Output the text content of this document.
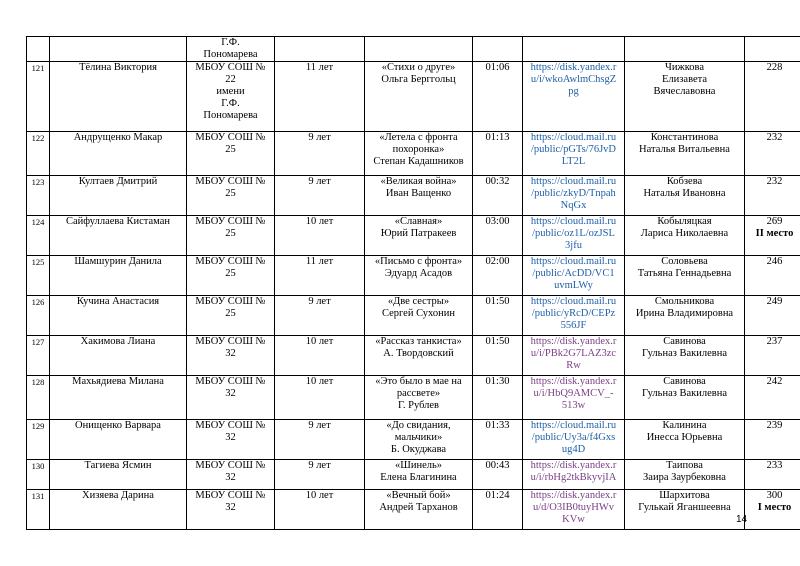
		Г.Ф.
Пономарева						

121	Тёлина Виктория	МБОУ СОШ №
22
имени
Г.Ф.
Пономарева	11 лет	«Стихи о друге»
Ольга Берггольц	01:06	https://disk.yandex.r
u/i/wkoAwlmChsgZ
pg	Чижкова
Елизавета
Вячеславовна	228

122	Андрущенко Макар	МБОУ СОШ №
25	9 лет	«Летела с фронта
похоронка»
Степан Кадашников	01:13	https://cloud.mail.ru
/public/pGTs/76JvD
LT2L	Константинова
Наталья Витальевна	232

123	Култаев Дмитрий	МБОУ СОШ №
25	9 лет	«Великая война»
Иван Ващенко	00:32	https://cloud.mail.ru
/public/zkyD/Tnpah
NqGx	Кобзева
Наталья Ивановна	232

124	Сайфуллаева Кистаман	МБОУ СОШ №
25	10 лет	«Славная»
Юрий Патракеев	03:00	https://cloud.mail.ru
/public/oz1L/ozJSL
3jfu	Кобыляцкая
Лариса Николаевна	269
II место

125	Шамшурин Данила	МБОУ СОШ №
25	11 лет	«Письмо с фронта»
Эдуард Асадов	02:00	https://cloud.mail.ru
/public/AcDD/VC1
uvmLWy	Соловьева
Татьяна Геннадьевна	246

126	Кучина Анастасия	МБОУ СОШ №
25	9 лет	«Две сестры»
Сергей Сухонин	01:50	https://cloud.mail.ru
/public/yRcD/CEPz
556JF	Смольникова
Ирина Владимировна	249

127	Хакимова Лиана	МБОУ СОШ №
32	10 лет	«Рассказ танкиста»
А. Твордовский	01:50	https://disk.yandex.r
u/i/PBk2G7LAZ3zc
Rw	Савинова
Гульназ Вакилевна	237

128	Махьядиева Милана	МБОУ СОШ №
32	10 лет	«Это было в мае на
рассвете»
Г. Рублев	01:30	https://disk.yandex.r
u/i/HbQ9AMCV_-
513w	Савинова
Гульназ Вакилевна	242

129	Онищенко Варвара	МБОУ СОШ №
32	9 лет	«До свидания,
мальчики»
Б. Окуджава	01:33	https://cloud.mail.ru
/public/Uy3a/f4Gxs
ug4D	Калинина
Инесса Юрьевна	239

130	Тагиева Ясмин	МБОУ СОШ №
32	9 лет	«Шинель»
Елена Благинина	00:43	https://disk.yandex.r
u/i/rbHg2tkBkyvjIA	Таипова
Заира Заурбековна	233

131	Хизяева Дарина	МБОУ СОШ №
32	10 лет	«Вечный бой»
Андрей Тарханов	01:24	https://disk.yandex.r
u/d/O3IB0tuyHWv
KVw	Шархитова
Гулькай Яганшеевна	300
I место
14
